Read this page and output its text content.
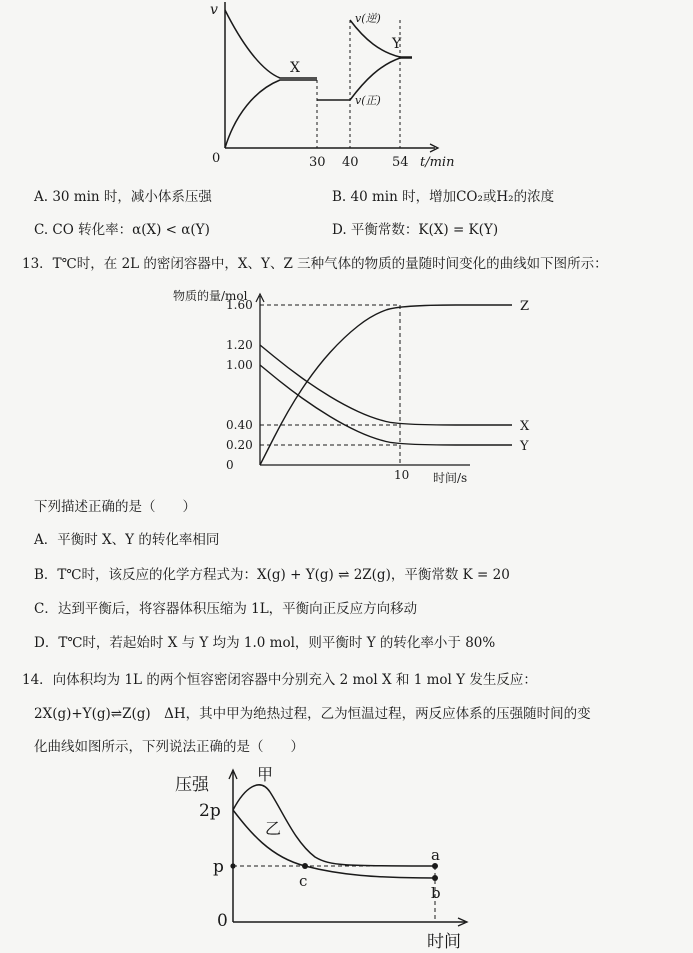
v
0	30 40	54 t/min
X
Y
v(逆)
v(正)
A. 30 min 时，减小体系压强	B. 40 min 时，增加CO₂或H₂的浓度
C. CO 转化率：α(X) < α(Y)	D. 平衡常数：K(X) = K(Y)
13．T℃时，在 2L 的密闭容器中，X、Y、Z 三种气体的物质的量随时间变化的曲线如下图所示：
Z
X
Y
0
0.20
0.40
1.00
1.20
1.60
10
物质的量/mol
时间/s
下列描述正确的是（　　）
A．平衡时 X、Y 的转化率相同
B．T℃时，该反应的化学方程式为：X(g) + Y(g) ⇌ 2Z(g)，平衡常数 K = 20
C．达到平衡后，将容器体积压缩为 1L，平衡向正反应方向移动
D．T℃时，若起始时 X 与 Y 均为 1.0 mol，则平衡时 Y 的转化率小于 80%
14．向体积均为 1L 的两个恒容密闭容器中分别充入 2 mol X 和 1 mol Y 发生反应：
2X(g)+Y(g)⇌Z(g)　ΔH，其中甲为绝热过程，乙为恒温过程，两反应体系的压强随时间的变
化曲线如图所示，下列说法正确的是（　　）
压强
2p
p
0
时间
甲
乙
a
b
c
